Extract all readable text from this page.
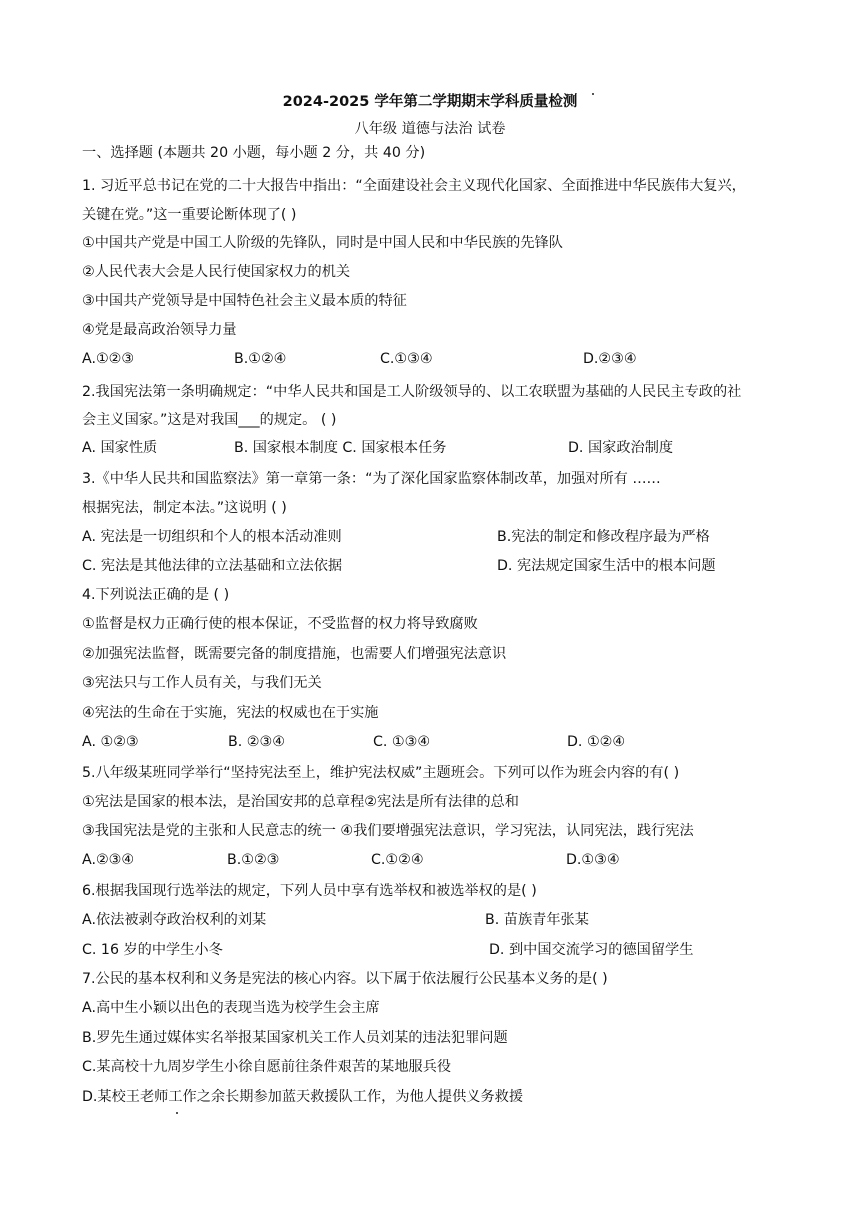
2024-2025 学年第二学期期末学科质量检测
八年级 道德与法治 试卷
一、选择题 (本题共 20 小题，每小题 2 分，共 40 分)
1. 习近平总书记在党的二十大报告中指出：“全面建设社会主义现代化国家、全面推进中华民族伟大复兴，
关键在党。”这一重要论断体现了( )
①中国共产党是中国工人阶级的先锋队，同时是中国人民和中华民族的先锋队
②人民代表大会是人民行使国家权力的机关
③中国共产党领导是中国特色社会主义最本质的特征
④党是最高政治领导力量
A.①②③	B.①②④	C.①③④	D.②③④
2.我国宪法第一条明确规定：“中华人民共和国是工人阶级领导的、以工农联盟为基础的人民民主专政的社
会主义国家。”这是对我国___的规定。 ( )
A. 国家性质	B. 国家根本制度 C. 国家根本任务	D. 国家政治制度
3.《中华人民共和国监察法》第一章第一条：“为了深化国家监察体制改革，加强对所有 ……
根据宪法，制定本法。”这说明 ( )
A. 宪法是一切组织和个人的根本活动准则	B.宪法的制定和修改程序最为严格
C. 宪法是其他法律的立法基础和立法依据	D. 宪法规定国家生活中的根本问题
4.下列说法正确的是 ( )
①监督是权力正确行使的根本保证，不受监督的权力将导致腐败
②加强宪法监督，既需要完备的制度措施，也需要人们增强宪法意识
③宪法只与工作人员有关，与我们无关
④宪法的生命在于实施，宪法的权威也在于实施
A. ①②③	B. ②③④	C. ①③④	D. ①②④
5.八年级某班同学举行“坚持宪法至上，维护宪法权威”主题班会。下列可以作为班会内容的有( )
①宪法是国家的根本法，是治国安邦的总章程②宪法是所有法律的总和
③我国宪法是党的主张和人民意志的统一 ④我们要增强宪法意识，学习宪法，认同宪法，践行宪法
A.②③④	B.①②③	C.①②④	D.①③④
6.根据我国现行选举法的规定，下列人员中享有选举权和被选举权的是( )
A.依法被剥夺政治权利的刘某	B. 苗族青年张某
C. 16 岁的中学生小冬	D. 到中国交流学习的德国留学生
7.公民的基本权利和义务是宪法的核心内容。以下属于依法履行公民基本义务的是( )
A.高中生小颖以出色的表现当选为校学生会主席
B.罗先生通过媒体实名举报某国家机关工作人员刘某的违法犯罪问题
C.某高校十九周岁学生小徐自愿前往条件艰苦的某地服兵役
D.某校王老师工作之余长期参加蓝天救援队工作，为他人提供义务救援
